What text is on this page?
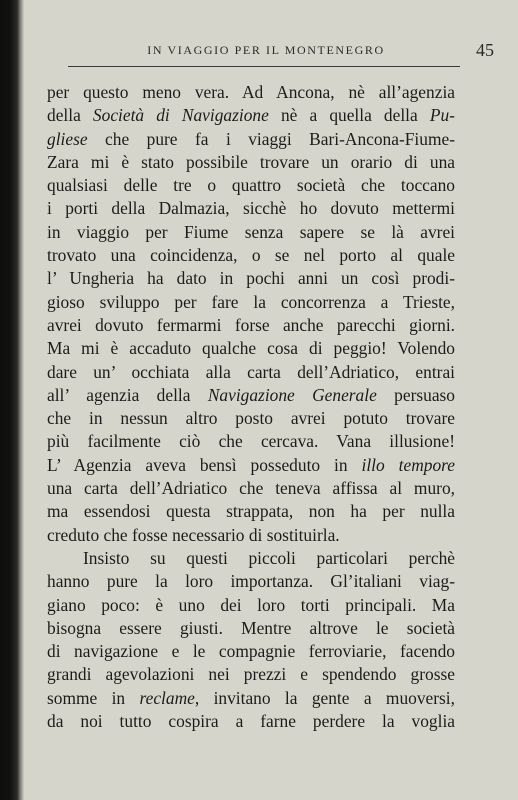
IN VIAGGIO PER IL MONTENEGRO	45
per questo meno vera. Ad Ancona, nè all’agenzia
della Società di Navigazione nè a quella della Pu-
gliese che pure fa i viaggi Bari-Ancona-Fiume-
Zara mi è stato possibile trovare un orario di una
qualsiasi delle tre o quattro società che toccano
i porti della Dalmazia, sicchè ho dovuto mettermi
in viaggio per Fiume senza sapere se là avrei
trovato una coincidenza, o se nel porto al quale
l’ Ungheria ha dato in pochi anni un così prodi-
gioso sviluppo per fare la concorrenza a Trieste,
avrei dovuto fermarmi forse anche parecchi giorni.
Ma mi è accaduto qualche cosa di peggio! Volendo
dare un’ occhiata alla carta dell’Adriatico, entrai
all’ agenzia della Navigazione Generale persuaso
che in nessun altro posto avrei potuto trovare
più facilmente ciò che cercava. Vana illusione!
L’ Agenzia aveva bensì posseduto in illo tempore
una carta dell’Adriatico che teneva affissa al muro,
ma essendosi questa strappata, non ha per nulla
creduto che fosse necessario di sostituirla.
Insisto su questi piccoli particolari perchè
hanno pure la loro importanza. Gl’italiani viag-
giano poco: è uno dei loro torti principali. Ma
bisogna essere giusti. Mentre altrove le società
di navigazione e le compagnie ferroviarie, facendo
grandi agevolazioni nei prezzi e spendendo grosse
somme in reclame, invitano la gente a muoversi,
da noi tutto cospira a farne perdere la voglia
